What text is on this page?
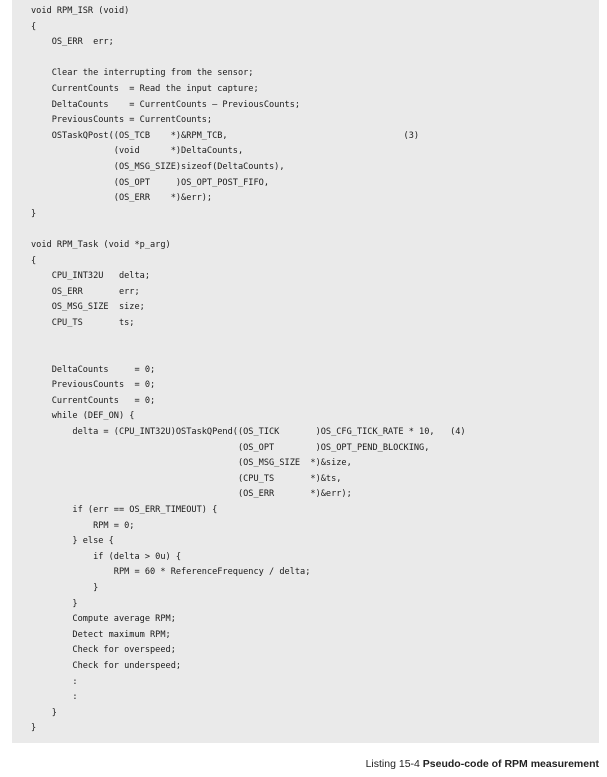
void RPM_ISR (void)
{
OS_ERR  err;
Clear the interrupting from the sensor;
CurrentCounts  = Read the input capture;
DeltaCounts    = CurrentCounts – PreviousCounts;
PreviousCounts = CurrentCounts;
OSTaskQPost((OS_TCB    *)&RPM_TCB,                                  (3)
(void      *)DeltaCounts,
(OS_MSG_SIZE)sizeof(DeltaCounts),
(OS_OPT     )OS_OPT_POST_FIFO,
(OS_ERR    *)&err);
}
void RPM_Task (void *p_arg)
{
CPU_INT32U   delta;
OS_ERR       err;
OS_MSG_SIZE  size;
CPU_TS       ts;
DeltaCounts     = 0;
PreviousCounts  = 0;
CurrentCounts   = 0;
while (DEF_ON) {
delta = (CPU_INT32U)OSTaskQPend((OS_TICK       )OS_CFG_TICK_RATE * 10,   (4)
(OS_OPT        )OS_OPT_PEND_BLOCKING,
(OS_MSG_SIZE  *)&size,
(CPU_TS       *)&ts,
(OS_ERR       *)&err);
if (err == OS_ERR_TIMEOUT) {
RPM = 0;
} else {
if (delta > 0u) {
RPM = 60 * ReferenceFrequency / delta;
}
}
Compute average RPM;
Detect maximum RPM;
Check for overspeed;
Check for underspeed;
:
:
}
}
Listing 15-4 Pseudo-code of RPM measurement
